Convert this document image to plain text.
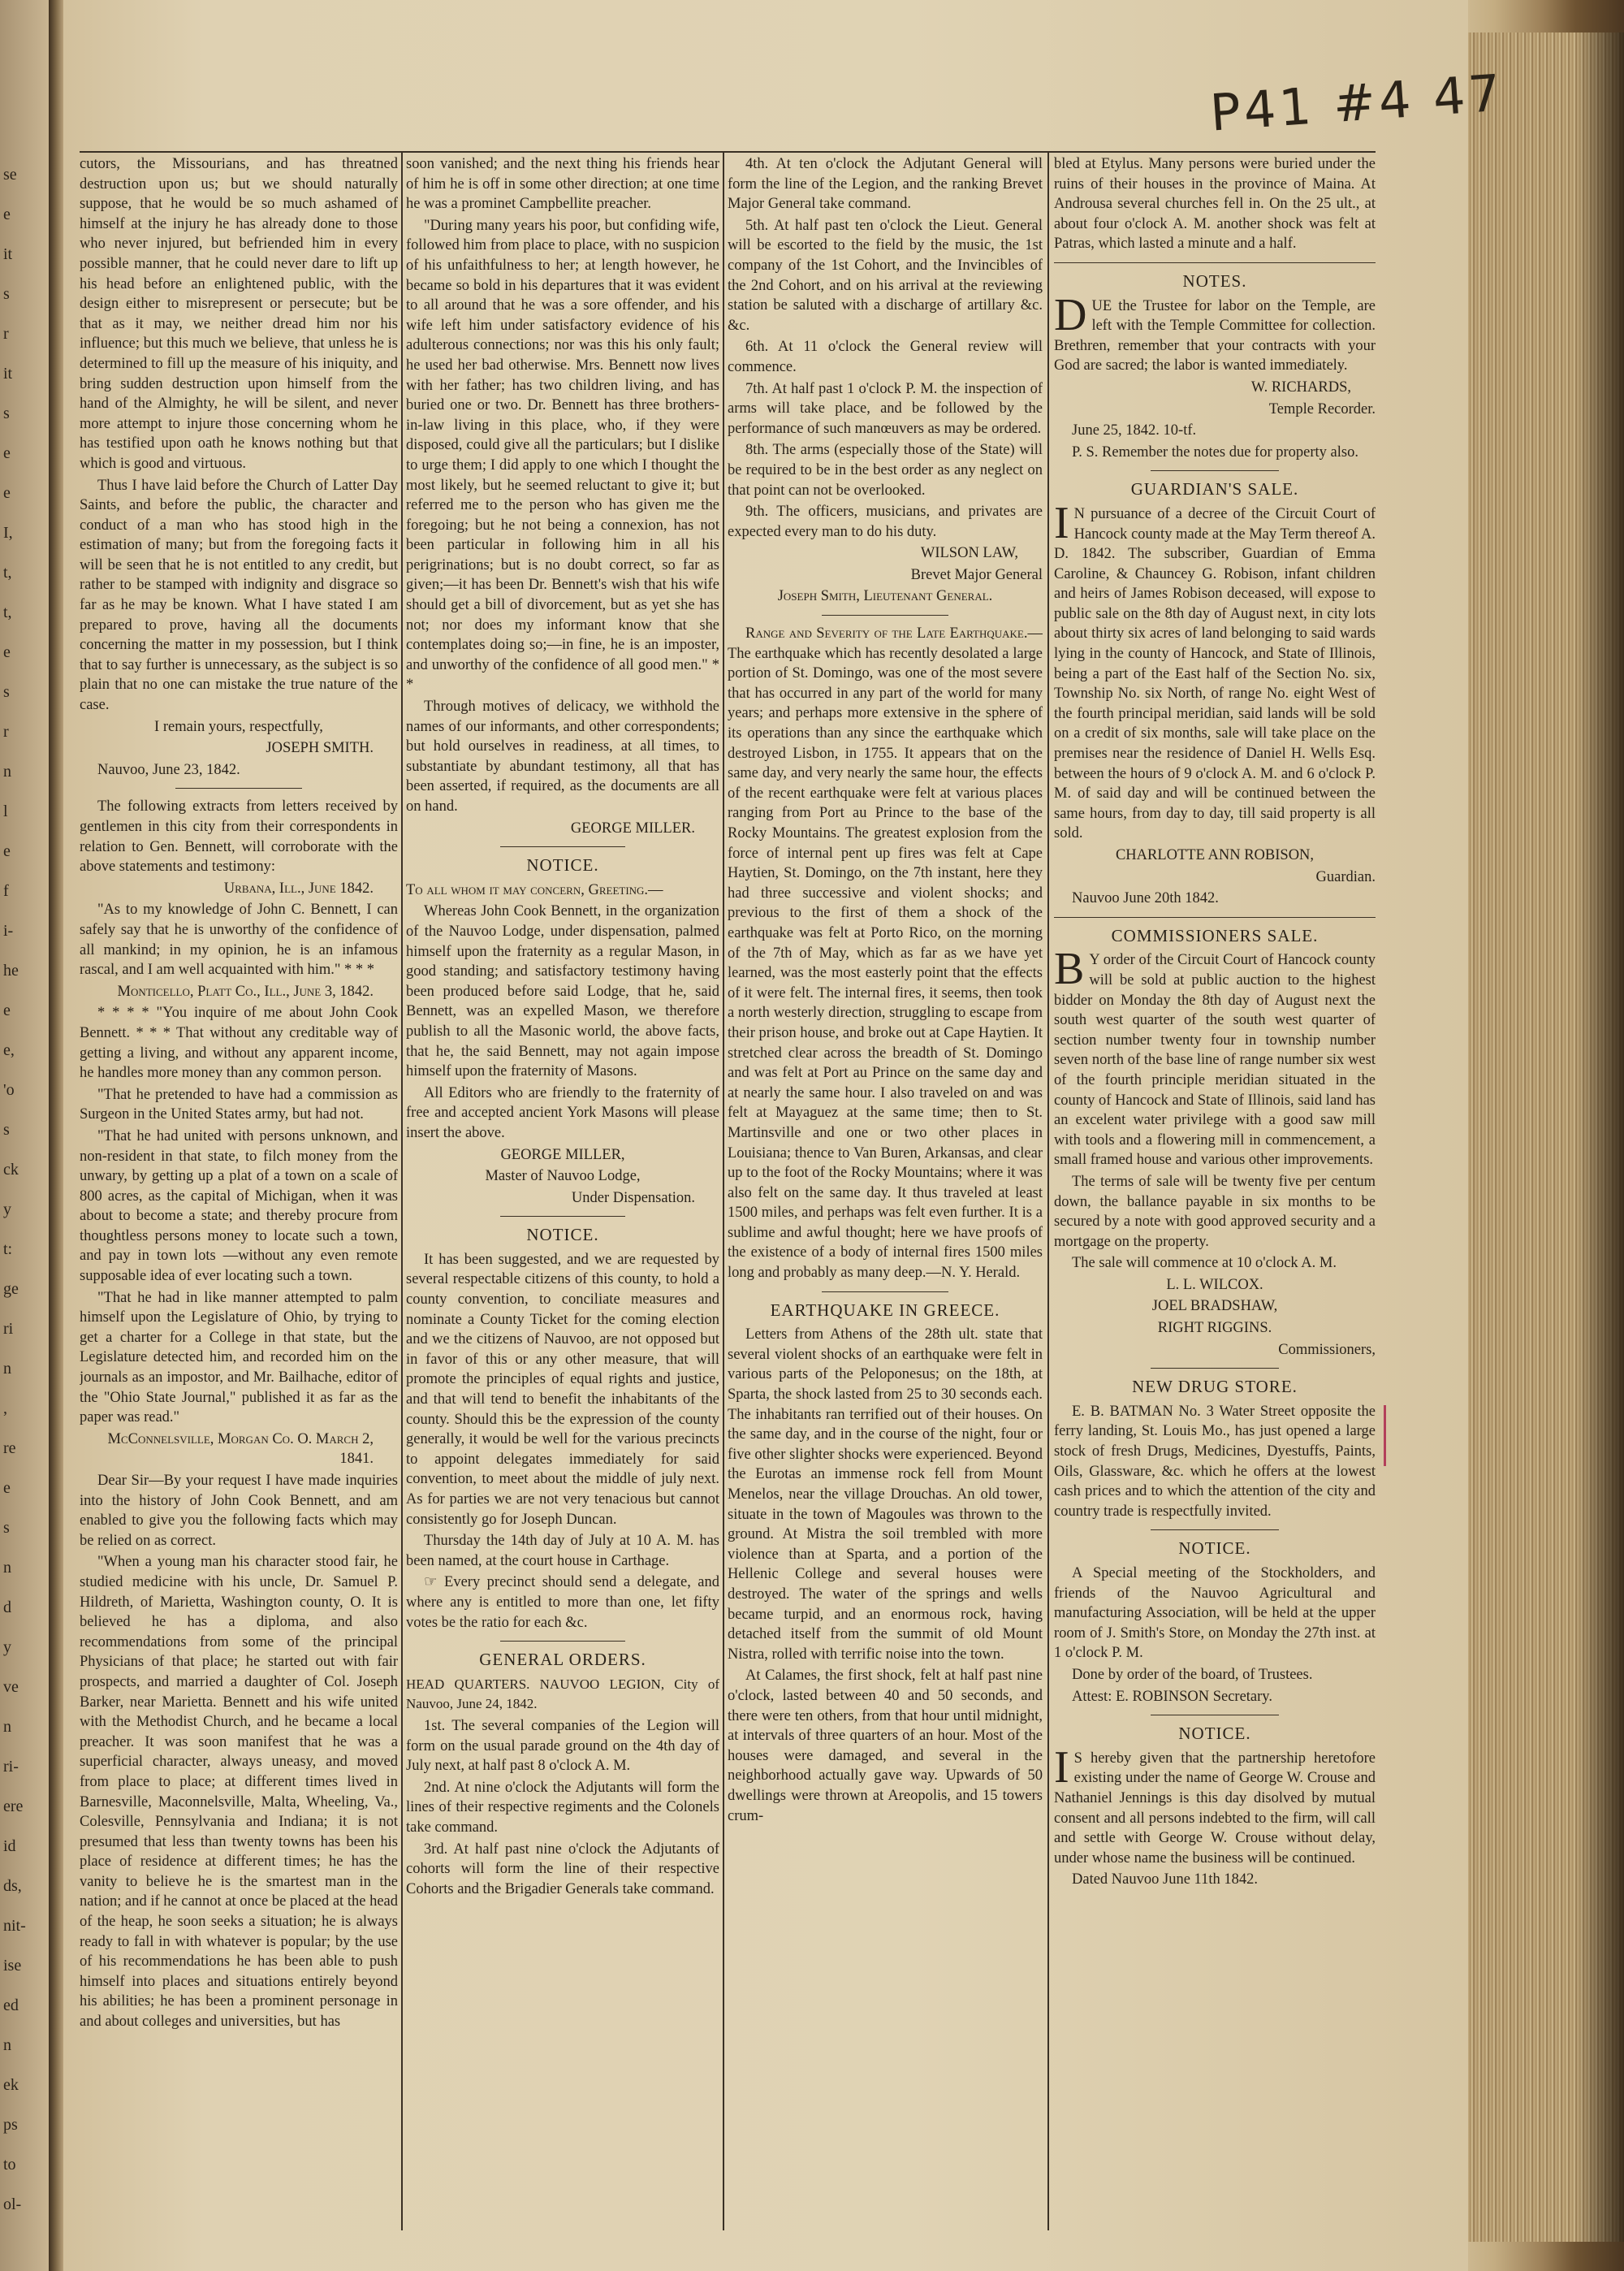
se
e
it
s
r
it
s
e
e
I,
t,
t,
e
s
r
n
l
e
f
i-
he
e
e,
'o
s
ck
y
t:
ge
ri
n
,
re
e
s
n
d
y
ve
n
ri-
ere
id
ds,
nit-
ise
ed
n
ek
ps
to
ol-
P41 #4 47

cutors, the Missourians, and has threatned destruction upon us; but we should naturally suppose, that he would be so much ashamed of himself at the injury he has already done to those who never injured, but befriended him in every possible manner, that he could never dare to lift up his head before an enlightened public, with the design either to misrepresent or persecute; but be that as it may, we neither dread him nor his influence; but this much we believe, that unless he is determined to fill up the measure of his iniquity, and bring sudden destruction upon himself from the hand of the Almighty, he will be silent, and never more attempt to injure those concerning whom he has testified upon oath he knows nothing but that which is good and virtuous.

Thus I have laid before the Church of Latter Day Saints, and before the public, the character and conduct of a man who has stood high in the estimation of many; but from the foregoing facts it will be seen that he is not entitled to any credit, but rather to be stamped with indignity and disgrace so far as he may be known. What I have stated I am prepared to prove, having all the documents concerning the matter in my possession, but I think that to say further is unnecessary, as the subject is so plain that no one can mistake the true nature of the case.

I remain yours, respectfully,

JOSEPH SMITH.

Nauvoo, June 23, 1842.

The following extracts from letters received by gentlemen in this city from their correspondents in relation to Gen. Bennett, will corroborate with the above statements and testimony:

Urbana, Ill., June 1842.

"As to my knowledge of John C. Bennett, I can safely say that he is unworthy of the confidence of all mankind; in my opinion, he is an infamous rascal, and I am well acquainted with him." * * *

Monticello, Platt Co., Ill., June 3, 1842.

* * * * "You inquire of me about John Cook Bennett. * * * That without any creditable way of getting a living, and without any apparent income, he handles more money than any common person.

"That he pretended to have had a commission as Surgeon in the United States army, but had not.

"That he had united with persons unknown, and non-resident in that state, to filch money from the unwary, by getting up a plat of a town on a scale of 800 acres, as the capital of Michigan, when it was about to become a state; and thereby procure from thoughtless persons money to locate such a town, and pay in town lots —without any even remote supposable idea of ever locating such a town.

"That he had in like manner attempted to palm himself upon the Legislature of Ohio, by trying to get a charter for a College in that state, but the Legislature detected him, and recorded him on the journals as an impostor, and Mr. Bailhache, editor of the "Ohio State Journal," published it as far as the paper was read."

McConnelsville, Morgan Co. O. March 2, 1841.

Dear Sir—By your request I have made inquiries into the history of John Cook Bennett, and am enabled to give you the following facts which may be relied on as correct.

"When a young man his character stood fair, he studied medicine with his uncle, Dr. Samuel P. Hildreth, of Marietta, Washington county, O. It is believed he has a diploma, and also recommendations from some of the principal Physicians of that place; he started out with fair prospects, and married a daughter of Col. Joseph Barker, near Marietta. Bennett and his wife united with the Methodist Church, and he became a local preacher. It was soon manifest that he was a superficial character, always uneasy, and moved from place to place; at different times lived in Barnesville, Maconnelsville, Malta, Wheeling, Va., Colesville, Pennsylvania and Indiana; it is not presumed that less than twenty towns has been his place of residence at different times; he has the vanity to believe he is the smartest man in the nation; and if he cannot at once be placed at the head of the heap, he soon seeks a situation; he is always ready to fall in with whatever is popular; by the use of his recommendations he has been able to push himself into places and situations entirely beyond his abilities; he has been a prominent personage in and about colleges and universities, but has

soon vanished; and the next thing his friends hear of him he is off in some other direction; at one time he was a prominet Campbellite preacher.

"During many years his poor, but confiding wife, followed him from place to place, with no suspicion of his unfaithfulness to her; at length however, he became so bold in his departures that it was evident to all around that he was a sore offender, and his wife left him under satisfactory evidence of his adulterous connections; nor was this his only fault; he used her bad otherwise. Mrs. Bennett now lives with her father; has two children living, and has buried one or two. Dr. Bennett has three brothers-in-law living in this place, who, if they were disposed, could give all the particulars; but I dislike to urge them; I did apply to one which I thought the most likely, but he seemed reluctant to give it; but referred me to the person who has given me the foregoing; but he not being a connexion, has not been particular in following him in all his perigrinations; but is no doubt correct, so far as given;—it has been Dr. Bennett's wish that his wife should get a bill of divorcement, but as yet she has not; nor does my informant know that she contemplates doing so;—in fine, he is an imposter, and unworthy of the confidence of all good men." * *

Through motives of delicacy, we withhold the names of our informants, and other correspondents; but hold ourselves in readiness, at all times, to substantiate by abundant testimony, all that has been asserted, if required, as the documents are all on hand.

GEORGE MILLER.

NOTICE.

To all whom it may concern, Greeting.—

Whereas John Cook Bennett, in the organization of the Nauvoo Lodge, under dispensation, palmed himself upon the fraternity as a regular Mason, in good standing; and satisfactory testimony having been produced before said Lodge, that he, said Bennett, was an expelled Mason, we therefore publish to all the Masonic world, the above facts, that he, the said Bennett, may not again impose himself upon the fraternity of Masons.

All Editors who are friendly to the fraternity of free and accepted ancient York Masons will please insert the above.

GEORGE MILLER,

Master of Nauvoo Lodge,

Under Dispensation.

NOTICE.

It has been suggested, and we are requested by several respectable citizens of this county, to hold a county convention, to conciliate measures and nominate a County Ticket for the coming election and we the citizens of Nauvoo, are not opposed but in favor of this or any other measure, that will promote the principles of equal rights and justice, and that will tend to benefit the inhabitants of the county. Should this be the expression of the county generally, it would be well for the various precincts to appoint delegates immediately for said convention, to meet about the middle of july next. As for parties we are not very tenacious but cannot consistently go for Joseph Duncan.

Thursday the 14th day of July at 10 A. M. has been named, at the court house in Carthage.

☞ Every precinct should send a delegate, and where any is entitled to more than one, let fifty votes be the ratio for each &c.

GENERAL ORDERS.

HEAD QUARTERS. NAUVOO LEGION, City of Nauvoo, June 24, 1842.

1st. The several companies of the Legion will form on the usual parade ground on the 4th day of July next, at half past 8 o'clock A. M.

2nd. At nine o'clock the Adjutants will form the lines of their respective regiments and the Colonels take command.

3rd. At half past nine o'clock the Adjutants of cohorts will form the line of their respective Cohorts and the Brigadier Generals take command.

4th. At ten o'clock the Adjutant General will form the line of the Legion, and the ranking Brevet Major General take command.

5th. At half past ten o'clock the Lieut. General will be escorted to the field by the music, the 1st company of the 1st Cohort, and the Invincibles of the 2nd Cohort, and on his arrival at the reviewing station be saluted with a discharge of artillary &c. &c.

6th. At 11 o'clock the General review will commence.

7th. At half past 1 o'clock P. M. the inspection of arms will take place, and be followed by the performance of such manœuvers as may be ordered.

8th. The arms (especially those of the State) will be required to be in the best order as any neglect on that point can not be overlooked.

9th. The officers, musicians, and privates are expected every man to do his duty.

WILSON LAW,

Brevet Major General

Joseph Smith, Lieutenant General.

Range and Severity of the Late Earthquake.—The earthquake which has recently desolated a large portion of St. Domingo, was one of the most severe that has occurred in any part of the world for many years; and perhaps more extensive in the sphere of its operations than any since the earthquake which destroyed Lisbon, in 1755. It appears that on the same day, and very nearly the same hour, the effects of the recent earthquake were felt at various places ranging from Port au Prince to the base of the Rocky Mountains. The greatest explosion from the force of internal pent up fires was felt at Cape Haytien, St. Domingo, on the 7th instant, here they had three successive and violent shocks; and previous to the first of them a shock of the earthquake was felt at Porto Rico, on the morning of the 7th of May, which as far as we have yet learned, was the most easterly point that the effects of it were felt. The internal fires, it seems, then took a north westerly direction, struggling to escape from their prison house, and broke out at Cape Haytien. It stretched clear across the breadth of St. Domingo and was felt at Port au Prince on the same day and at nearly the same hour. I also traveled on and was felt at Mayaguez at the same time; then to St. Martinsville and one or two other places in Louisiana; thence to Van Buren, Arkansas, and clear up to the foot of the Rocky Mountains; where it was also felt on the same day. It thus traveled at least 1500 miles, and perhaps was felt even further. It is a sublime and awful thought; here we have proofs of the existence of a body of internal fires 1500 miles long and probably as many deep.—N. Y. Herald.

EARTHQUAKE IN GREECE.

Letters from Athens of the 28th ult. state that several violent shocks of an earthquake were felt in various parts of the Peloponesus; on the 18th, at Sparta, the shock lasted from 25 to 30 seconds each. The inhabitants ran terrified out of their houses. On the same day, and in the course of the night, four or five other slighter shocks were experienced. Beyond the Eurotas an immense rock fell from Mount Menelos, near the village Drouchas. An old tower, situate in the town of Magoules was thrown to the ground. At Mistra the soil trembled with more violence than at Sparta, and a portion of the Hellenic College and several houses were destroyed. The water of the springs and wells became turpid, and an enormous rock, having detached itself from the summit of old Mount Nistra, rolled with terrific noise into the town.

At Calames, the first shock, felt at half past nine o'clock, lasted between 40 and 50 seconds, and there were ten others, from that hour until midnight, at intervals of three quarters of an hour. Most of the houses were damaged, and several in the neighborhood actually gave way. Upwards of 50 dwellings were thrown at Areopolis, and 15 towers crum-

bled at Etylus. Many persons were buried under the ruins of their houses in the province of Maina. At Androusa several churches fell in. On the 25 ult., at about four o'clock A. M. another shock was felt at Patras, which lasted a minute and a half.

NOTES.

DUE the Trustee for labor on the Temple, are left with the Temple Committee for collection. Brethren, remember that your contracts with your God are sacred; the labor is wanted immediately.

W. RICHARDS,

Temple Recorder.

June 25, 1842. 10-tf.

P. S. Remember the notes due for property also.

GUARDIAN'S SALE.

I N pursuance of a decree of the Circuit Court of Hancock county made at the May Term thereof A. D. 1842. The subscriber, Guardian of Emma Caroline, & Chauncey G. Robison, infant children and heirs of James Robison deceased, will expose to public sale on the 8th day of August next, in city lots about thirty six acres of land belonging to said wards lying in the county of Hancock, and State of Illinois, being a part of the East half of the Section No. six, Township No. six North, of range No. eight West of the fourth principal meridian, said lands will be sold on a credit of six months, sale will take place on the premises near the residence of Daniel H. Wells Esq. between the hours of 9 o'clock A. M. and 6 o'clock P. M. of said day and will be continued between the same hours, from day to day, till said property is all sold.

CHARLOTTE ANN ROBISON,

Guardian.

Nauvoo June 20th 1842.

COMMISSIONERS SALE.

B Y order of the Circuit Court of Hancock county will be sold at public auction to the highest bidder on Monday the 8th day of August next the south west quarter of the south west quarter of section number twenty four in township number seven north of the base line of range number six west of the fourth principle meridian situated in the county of Hancock and State of Illinois, said land has an excelent water privilege with a good saw mill with tools and a flowering mill in commencement, a small framed house and various other improvements.

The terms of sale will be twenty five per centum down, the ballance payable in six months to be secured by a note with good approved security and a mortgage on the property.

The sale will commence at 10 o'clock A. M.

L. L. WILCOX.

JOEL BRADSHAW,

RIGHT RIGGINS.

Commissioners,

NEW DRUG STORE.

E. B. BATMAN No. 3 Water Street opposite the ferry landing, St. Louis Mo., has just opened a large stock of fresh Drugs, Medicines, Dyestuffs, Paints, Oils, Glassware, &c. which he offers at the lowest cash prices and to which the attention of the city and country trade is respectfully invited.

NOTICE.

A Special meeting of the Stockholders, and friends of the Nauvoo Agricultural and manufacturing Association, will be held at the upper room of J. Smith's Store, on Monday the 27th inst. at 1 o'clock P. M.

Done by order of the board, of Trustees.

Attest: E. ROBINSON Secretary.

NOTICE.

I S hereby given that the partnership heretofore existing under the name of George W. Crouse and Nathaniel Jennings is this day disolved by mutual consent and all persons indebted to the firm, will call and settle with George W. Crouse without delay, under whose name the business will be continued.

Dated Nauvoo June 11th 1842.
